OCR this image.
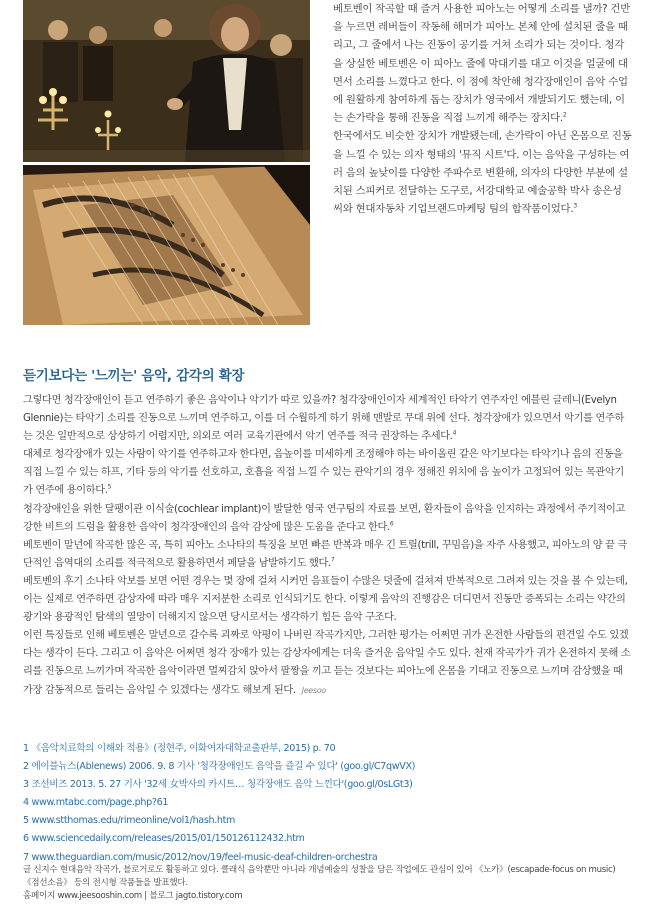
베토벤이 작곡할 때 즐겨 사용한 피아노는 어떻게 소리를 낼까? 건반을 누르면 레버들이 작동해 해머가 피아노 본체 안에 설치된 줄을 때리고, 그 줄에서 나는 진동이 공기를 거쳐 소리가 되는 것이다. 청각을 상실한 베토벤은 이 피아노 줄에 막대기를 대고 이것을 얼굴에 대면서 소리를 느꼈다고 한다. 이 점에 착안해 청각장애인이 음악 수업에 원활하게 참여하게 돕는 장치가 영국에서 개발되기도 했는데, 이는 손가락을 통해 진동을 직접 느끼게 해주는 장치다.$^2$

한국에서도 비슷한 장치가 개발됐는데, 손가락이 아닌 온몸으로 진동을 느낄 수 있는 의자 형태의 '뮤직 시트'다. 이는 음악을 구성하는 여러 음의 높낮이를 다양한 주파수로 변환해, 의자의 다양한 부분에 설치된 스피커로 전달하는 도구로, 서강대학교 예술공학 박사 송은성 씨와 현대자동차 기업브랜드마케팅 팀의 합작품이었다.$^3$

듣기보다는 '느끼는' 음악, 감각의 확장

그렇다면 청각장애인이 듣고 연주하기 좋은 음악이나 악기가 따로 있을까? 청각장애인이자 세계적인 타악기 연주자인 에블린 글레니(Evelyn Glennie)는 타악기 소리를 진동으로 느끼며 연주하고, 이를 더 수월하게 하기 위해 맨발로 무대 위에 선다. 청각장애가 있으면서 악기를 연주하는 것은 일반적으로 상상하기 어렵지만, 의외로 여러 교육기관에서 악기 연주를 적극 권장하는 추세다.$^4$

대체로 청각장애가 있는 사람이 악기를 연주하고자 한다면, 음높이를 미세하게 조정해야 하는 바이올린 같은 악기보다는 타악기나 음의 진동을 직접 느낄 수 있는 하프, 기타 등의 악기를 선호하고, 호흡을 직접 느낄 수 있는 관악기의 경우 정해진 위치에 음 높이가 고정되어 있는 목관악기가 연주에 용이하다.$^5$

청각장애인을 위한 달팽이관 이식술(cochlear implant)이 발달한 영국 연구팀의 자료를 보면, 환자들이 음악을 인지하는 과정에서 주기적이고 강한 비트의 드럼을 활용한 음악이 청각장애인의 음악 감상에 많은 도움을 준다고 한다.$^6$

베토벤이 말년에 작곡한 많은 곡, 특히 피아노 소나타의 특징을 보면 빠른 반복과 매우 긴 트릴(trill, 꾸밈음)을 자주 사용했고, 피아노의 양 끝 극단적인 음역대의 소리를 적극적으로 활용하면서 페달을 남발하기도 했다.$^7$

베토벤의 후기 소나타 악보를 보면 어떤 경우는 몇 장에 걸쳐 시커먼 음표들이 수많은 덧줄에 걸쳐져 반복적으로 그려져 있는 것을 볼 수 있는데, 이는 실제로 연주하면 감상자에 따라 매우 지저분한 소리로 인식되기도 한다. 이렇게 음악의 진행감은 더디면서 진동만 증폭되는 소리는 약간의 광기와 용광적인 탐색의 열망이 더해지지 않으면 당시로서는 생각하기 힘든 음악 구조다.

이런 특징들로 인해 베토벤은 말년으로 갈수록 괴짜로 악평이 나버린 작곡가지만, 그러한 평가는 어쩌면 귀가 온전한 사람들의 편견일 수도 있겠다는 생각이 든다. 그리고 이 음악은 어쩌면 청각 장애가 있는 감상자에게는 더욱 즐거운 음악일 수도 있다. 천재 작곡가가 귀가 온전하지 못해 소리를 진동으로 느끼가며 작곡한 음악이라면 멀찌감치 앉아서 팔짱을 끼고 듣는 것보다는 피아노에 온몸을 기대고 진동으로 느끼며 감상했을 때 가장 감동적으로 들리는 음악일 수 있겠다는 생각도 해보게 된다. Jeesoo

1 《음악치료학의 이해와 적용》(정현주, 이화여자대학교출판부, 2015) p. 70
2 에이블뉴스(Ablenews) 2006. 9. 8 기사 '청각장애인도 음악을 즐길 수 있다' (goo.gl/C7qwVX)
3 조선비즈 2013. 5. 27 기사 '32세 女박사의 카시트… 청각장애도 음악 느낀다'(goo.gl/0sLGt3)
4 www.mtabc.com/page.php?61
5 www.stthomas.edu/rimeonline/vol1/hash.htm
6 www.sciencedaily.com/releases/2015/01/150126112432.htm
7 www.theguardian.com/music/2012/nov/19/feel-music-deaf-children-orchestra
글 신지수 현대음악 작곡가, 블로거로도 활동하고 있다. 클래식 음악뿐만 아니라 개념예술의 성찰을 담은 작업에도 관심이 있어 《노카》(escapade-focus on music)
《점선소음》 등의 전시형 작품들을 발표했다.
홈페이지 www.jeesooshin.com | 블로그 jagto.tistory.com
